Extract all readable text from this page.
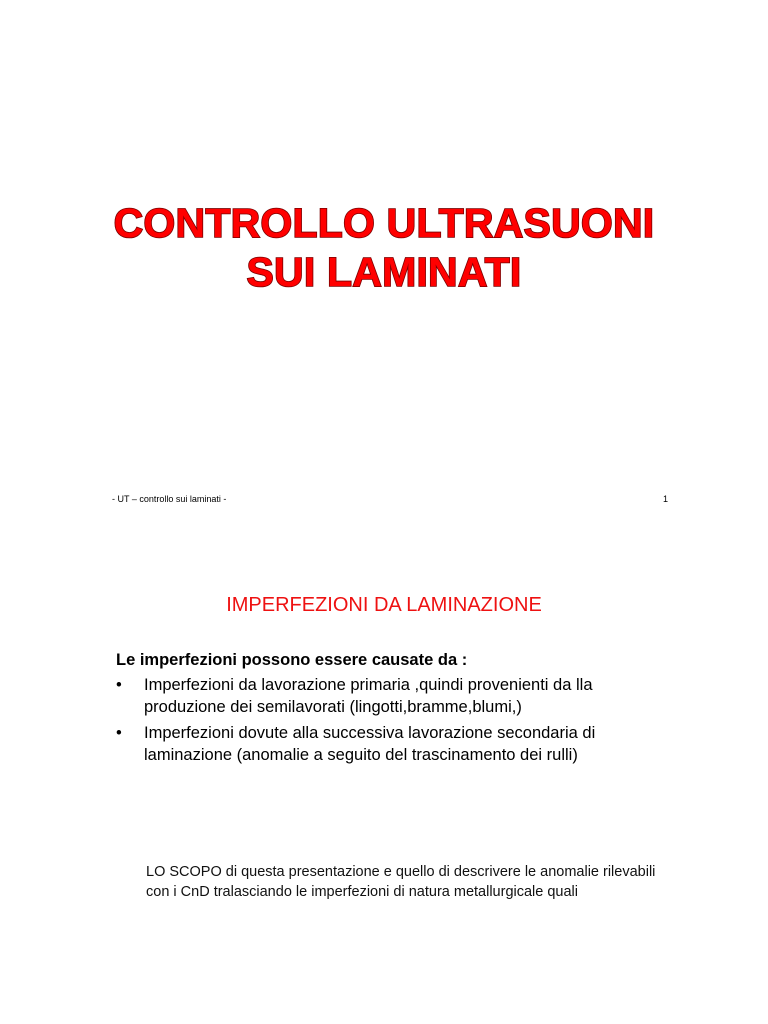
CONTROLLO ULTRASUONI
SUI LAMINATI
- UT – controllo sui laminati -	1
IMPERFEZIONI DA LAMINAZIONE
Le imperfezioni possono essere causate da :
•	Imperfezioni da lavorazione primaria ,quindi provenienti da lla produzione dei semilavorati (lingotti,bramme,blumi,)
•	Imperfezioni dovute alla successiva lavorazione secondaria di laminazione (anomalie a seguito del trascinamento dei rulli)
LO SCOPO di questa presentazione e quello di descrivere le anomalie rilevabili con i CnD tralasciando le imperfezioni di natura metallurgicale quali
